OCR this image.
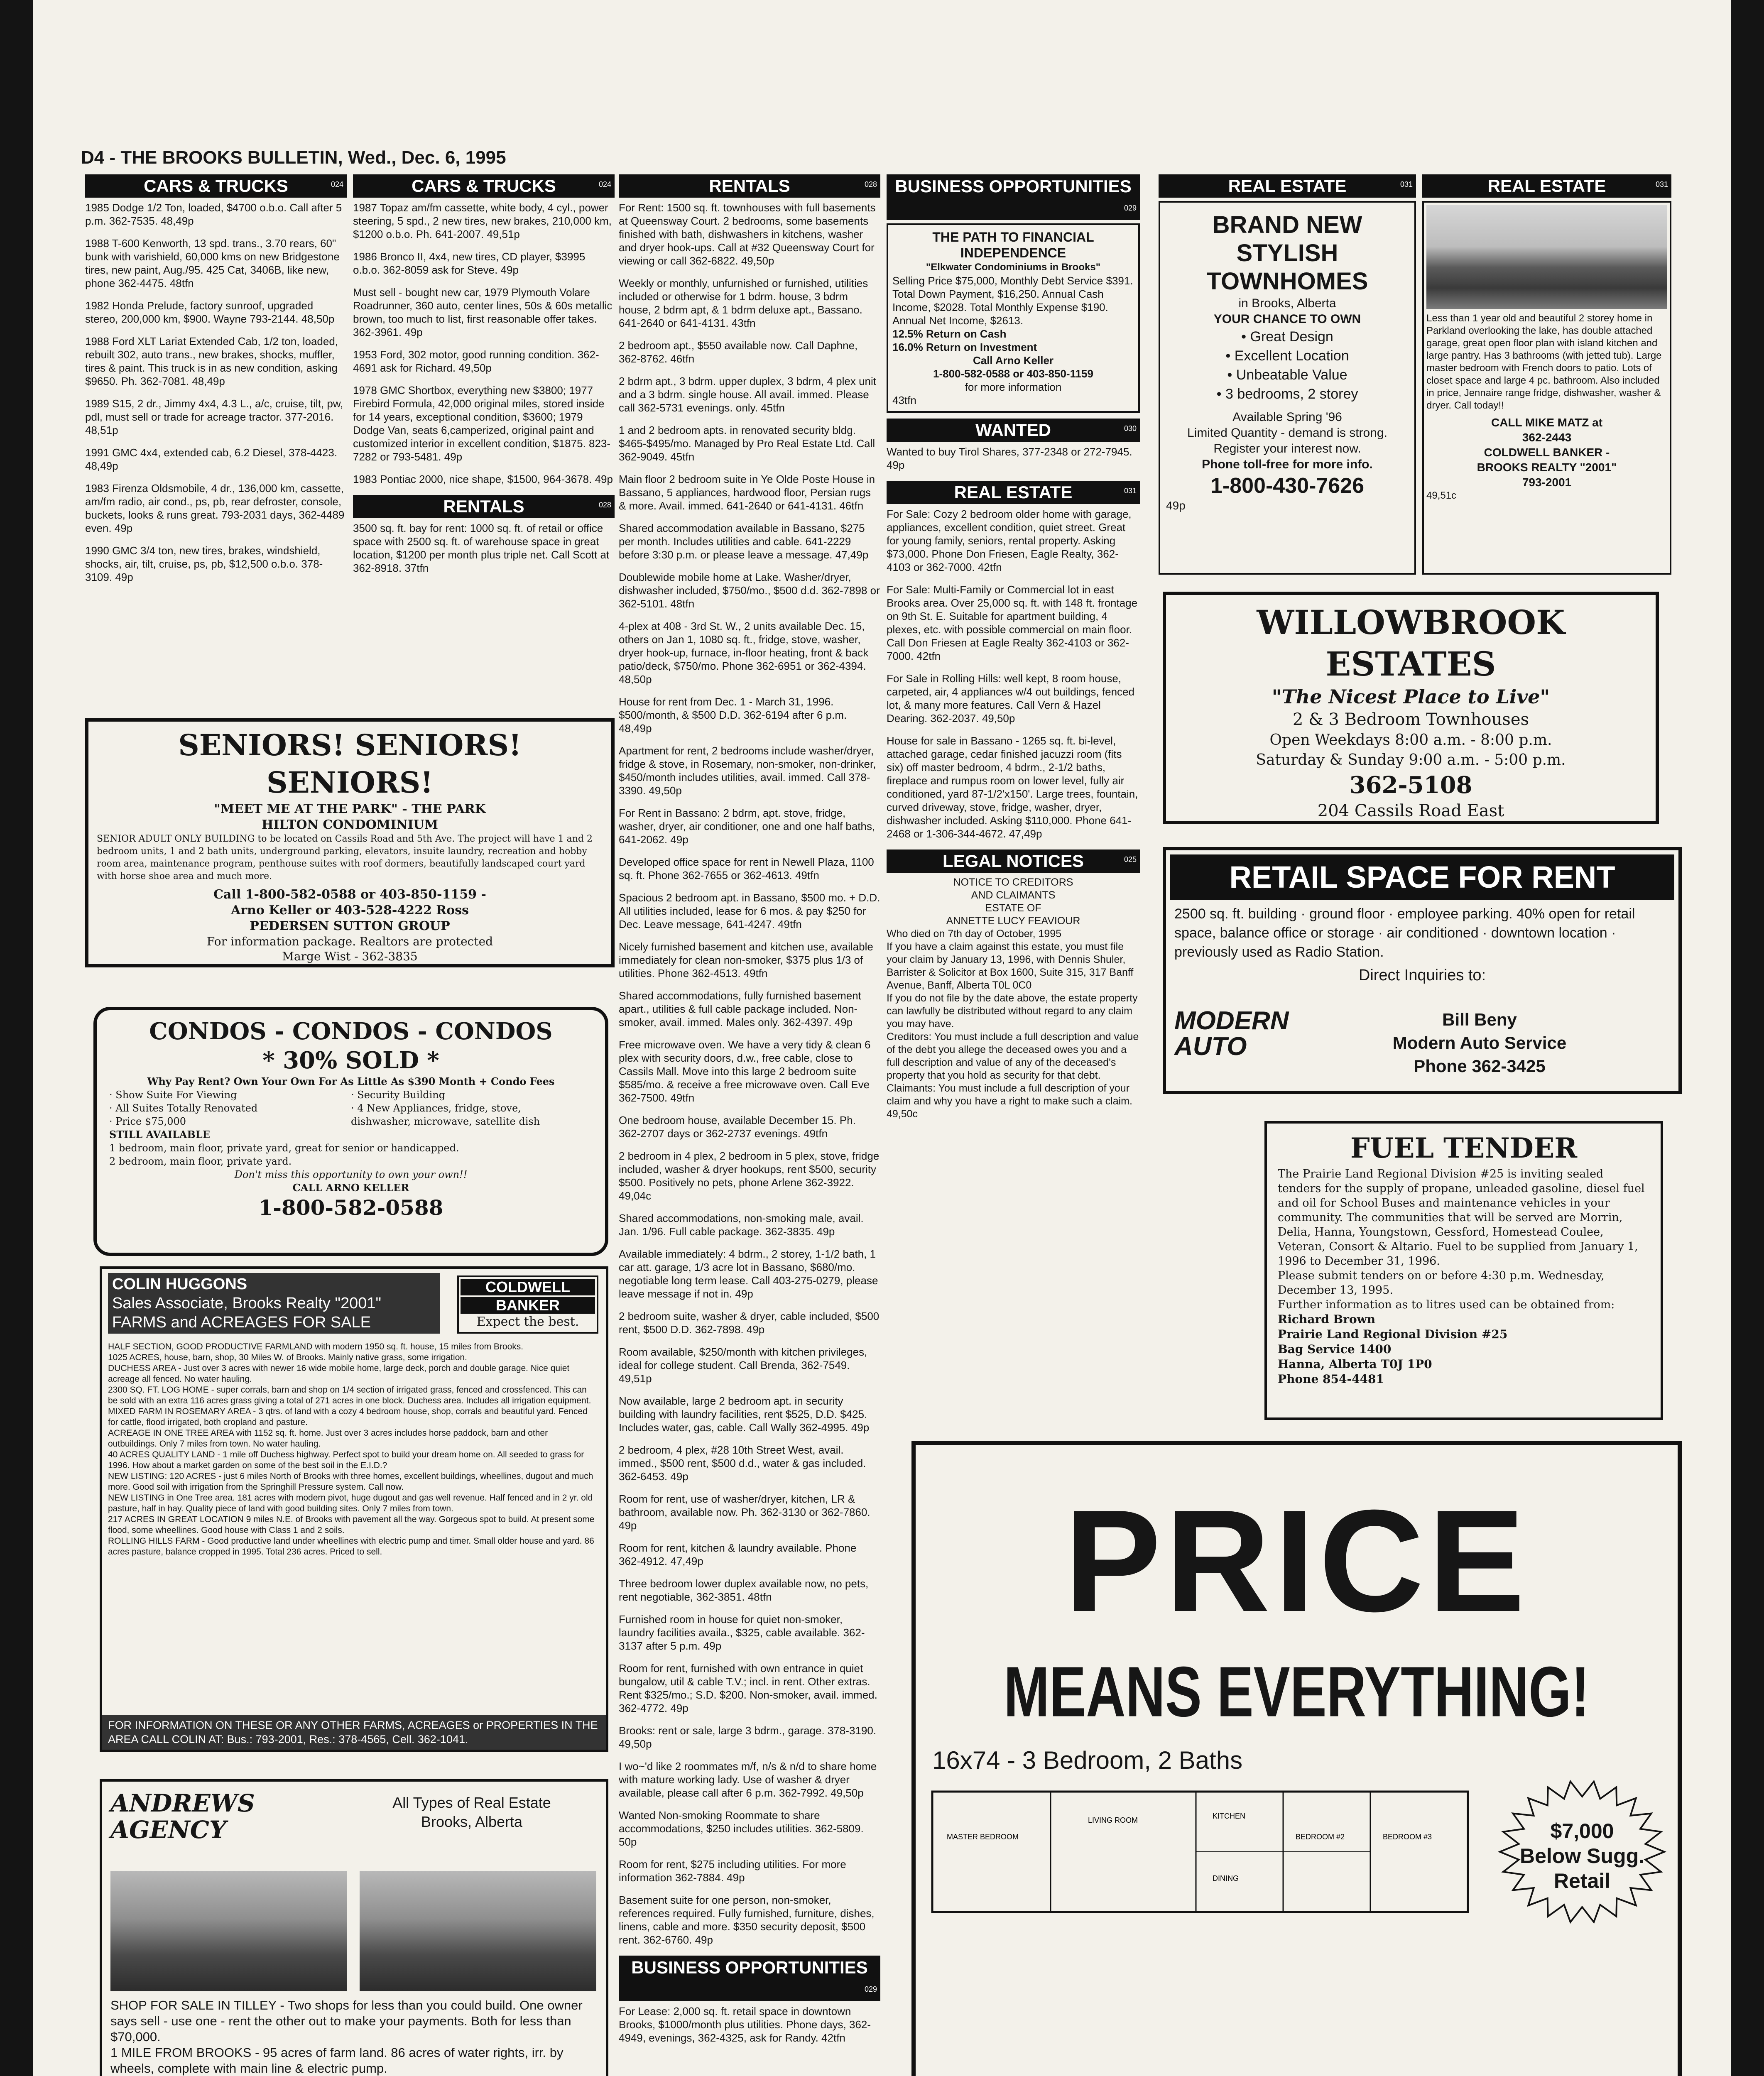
D4 - THE BROOKS BULLETIN, Wed., Dec. 6, 1995
CARS & TRUCKS	024
1985 Dodge 1/2 Ton, loaded, $4700 o.b.o. Call after 5 p.m. 362-7535. 48,49p
1988 T-600 Kenworth, 13 spd. trans., 3.70 rears, 60" bunk with varishield, 60,000 kms on new Bridgestone tires, new paint, Aug./95. 425 Cat, 3406B, like new, phone 362-4475. 48tfn
1982 Honda Prelude, factory sunroof, upgraded stereo, 200,000 km, $900. Wayne 793-2144. 48,50p
1988 Ford XLT Lariat Extended Cab, 1/2 ton, loaded, rebuilt 302, auto trans., new brakes, shocks, muffler, tires & paint. This truck is in as new condition, asking $9650. Ph. 362-7081. 48,49p
1989 S15, 2 dr., Jimmy 4x4, 4.3 L., a/c, cruise, tilt, pw, pdl, must sell or trade for acreage tractor. 377-2016. 48,51p
1991 GMC 4x4, extended cab, 6.2 Diesel, 378-4423. 48,49p
1983 Firenza Oldsmobile, 4 dr., 136,000 km, cassette, am/fm radio, air cond., ps, pb, rear defroster, console, buckets, looks & runs great. 793-2031 days, 362-4489 even. 49p
1990 GMC 3/4 ton, new tires, brakes, windshield, shocks, air, tilt, cruise, ps, pb, $12,500 o.b.o. 378-3109. 49p
CARS & TRUCKS	024
1987 Topaz am/fm cassette, white body, 4 cyl., power steering, 5 spd., 2 new tires, new brakes, 210,000 km, $1200 o.b.o. Ph. 641-2007. 49,51p
1986 Bronco II, 4x4, new tires, CD player, $3995 o.b.o. 362-8059 ask for Steve. 49p
Must sell - bought new car, 1979 Plymouth Volare Roadrunner, 360 auto, center lines, 50s & 60s metallic brown, too much to list, first reasonable offer takes. 362-3961. 49p
1953 Ford, 302 motor, good running condition. 362-4691 ask for Richard. 49,50p
1978 GMC Shortbox, everything new $3800; 1977 Firebird Formula, 42,000 original miles, stored inside for 14 years, exceptional condition, $3600; 1979 Dodge Van, seats 6,camperized, original paint and customized interior in excellent condition, $1875. 823-7282 or 793-5481. 49p
1983 Pontiac 2000, nice shape, $1500, 964-3678. 49p
RENTALS	028
3500 sq. ft. bay for rent: 1000 sq. ft. of retail or office space with 2500 sq. ft. of warehouse space in great location, $1200 per month plus triple net. Call Scott at 362-8918. 37tfn
RENTALS	028
For Rent: 1500 sq. ft. townhouses with full basements at Queensway Court. 2 bedrooms, some basements finished with bath, dishwashers in kitchens, washer and dryer hook-ups. Call at #32 Queensway Court for viewing or call 362-6822. 49,50p
Weekly or monthly, unfurnished or furnished, utilities included or otherwise for 1 bdrm. house, 3 bdrm house, 2 bdrm apt, & 1 bdrm deluxe apt., Bassano. 641-2640 or 641-4131. 43tfn
2 bedroom apt., $550 available now. Call Daphne, 362-8762. 46tfn
2 bdrm apt., 3 bdrm. upper duplex, 3 bdrm, 4 plex unit and a 3 bdrm. single house. All avail. immed. Please call 362-5731 evenings. only. 45tfn
1 and 2 bedroom apts. in renovated security bldg. $465-$495/mo. Managed by Pro Real Estate Ltd. Call 362-9049. 45tfn
Main floor 2 bedroom suite in Ye Olde Poste House in Bassano, 5 appliances, hardwood floor, Persian rugs & more. Avail. immed. 641-2640 or 641-4131. 46tfn
Shared accommodation available in Bassano, $275 per month. Includes utilities and cable. 641-2229 before 3:30 p.m. or please leave a message. 47,49p
Doublewide mobile home at Lake. Washer/dryer, dishwasher included, $750/mo., $500 d.d. 362-7898 or 362-5101. 48tfn
4-plex at 408 - 3rd St. W., 2 units available Dec. 15, others on Jan 1, 1080 sq. ft., fridge, stove, washer, dryer hook-up, furnace, in-floor heating, front & back patio/deck, $750/mo. Phone 362-6951 or 362-4394. 48,50p
House for rent from Dec. 1 - March 31, 1996. $500/month, & $500 D.D. 362-6194 after 6 p.m. 48,49p
Apartment for rent, 2 bedrooms include washer/dryer, fridge & stove, in Rosemary, non-smoker, non-drinker, $450/month includes utilities, avail. immed. Call 378-3390. 49,50p
For Rent in Bassano: 2 bdrm, apt. stove, fridge, washer, dryer, air conditioner, one and one half baths, 641-2062. 49p
Developed office space for rent in Newell Plaza, 1100 sq. ft. Phone 362-7655 or 362-4613. 49tfn
Spacious 2 bedroom apt. in Bassano, $500 mo. + D.D. All utilities included, lease for 6 mos. & pay $250 for Dec. Leave message, 641-4247. 49tfn
Nicely furnished basement and kitchen use, available immediately for clean non-smoker, $375 plus 1/3 of utilities. Phone 362-4513. 49tfn
Shared accommodations, fully furnished basement apart., utilities & full cable package included. Non-smoker, avail. immed. Males only. 362-4397. 49p
Free microwave oven. We have a very tidy & clean 6 plex with security doors, d.w., free cable, close to Cassils Mall. Move into this large 2 bedroom suite $585/mo. & receive a free microwave oven. Call Eve 362-7500. 49tfn
One bedroom house, available December 15. Ph. 362-2707 days or 362-2737 evenings. 49tfn
2 bedroom in 4 plex, 2 bedroom in 5 plex, stove, fridge included, washer & dryer hookups, rent $500, security $500. Positively no pets, phone Arlene 362-3922. 49,04c
Shared accommodations, non-smoking male, avail. Jan. 1/96. Full cable package. 362-3835. 49p
Available immediately: 4 bdrm., 2 storey, 1-1/2 bath, 1 car att. garage, 1/3 acre lot in Bassano, $680/mo. negotiable long term lease. Call 403-275-0279, please leave message if not in. 49p
2 bedroom suite, washer & dryer, cable included, $500 rent, $500 D.D. 362-7898. 49p
Room available, $250/month with kitchen privileges, ideal for college student. Call Brenda, 362-7549. 49,51p
Now available, large 2 bedroom apt. in security building with laundry facilities, rent $525, D.D. $425. Includes water, gas, cable. Call Wally 362-4995. 49p
2 bedroom, 4 plex, #28 10th Street West, avail. immed., $500 rent, $500 d.d., water & gas included. 362-6453. 49p
Room for rent, use of washer/dryer, kitchen, LR & bathroom, available now. Ph. 362-3130 or 362-7860. 49p
Room for rent, kitchen & laundry available. Phone 362-4912. 47,49p
Three bedroom lower duplex available now, no pets, rent negotiable, 362-3851. 48tfn
Furnished room in house for quiet non-smoker, laundry facilities availa., $325, cable available. 362-3137 after 5 p.m. 49p
Room for rent, furnished with own entrance in quiet bungalow, util & cable T.V.; incl. in rent. Other extras. Rent $325/mo.; S.D. $200. Non-smoker, avail. immed. 362-4772. 49p
Brooks: rent or sale, large 3 bdrm., garage. 378-3190. 49,50p
I wo~'d like 2 roommates m/f, n/s & n/d to share home with mature working lady. Use of washer & dryer available, please call after 6 p.m. 362-7992. 49,50p
Wanted Non-smoking Roommate to share accommodations, $250 includes utilities. 362-5809. 50p
Room for rent, $275 including utilities. For more information 362-7884. 49p
Basement suite for one person, non-smoker, references required. Fully furnished, furniture, dishes, linens, cable and more. $350 security deposit, $500 rent. 362-6760. 49p
BUSINESS OPPORTUNITIES
029
For Lease: 2,000 sq. ft. retail space in downtown Brooks, $1000/month plus utilities. Phone days, 362-4949, evenings, 362-4325, ask for Randy. 42tfn
BUSINESS OPPORTUNITIES
029
THE PATH TO FINANCIAL INDEPENDENCE
"Elkwater Condominiums in Brooks"
Selling Price $75,000, Monthly Debt Service $391. Total Down Payment, $16,250. Annual Cash Income, $2028. Total Monthly Expense $190. Annual Net Income, $2613.
12.5% Return on Cash
16.0% Return on Investment
Call Arno Keller
1-800-582-0588 or 403-850-1159
for more information
43tfn
WANTED	030
Wanted to buy Tirol Shares, 377-2348 or 272-7945. 49p
REAL ESTATE	031
For Sale: Cozy 2 bedroom older home with garage, appliances, excellent condition, quiet street. Great for young family, seniors, rental property. Asking $73,000. Phone Don Friesen, Eagle Realty, 362-4103 or 362-7000. 42tfn
For Sale: Multi-Family or Commercial lot in east Brooks area. Over 25,000 sq. ft. with 148 ft. frontage on 9th St. E. Suitable for apartment building, 4 plexes, etc. with possible commercial on main floor. Call Don Friesen at Eagle Realty 362-4103 or 362-7000. 42tfn
For Sale in Rolling Hills: well kept, 8 room house, carpeted, air, 4 appliances w/4 out buildings, fenced lot, & many more features. Call Vern & Hazel Dearing. 362-2037. 49,50p
House for sale in Bassano - 1265 sq. ft. bi-level, attached garage, cedar finished jacuzzi room (fits six) off master bedroom, 4 bdrm., 2-1/2 baths, fireplace and rumpus room on lower level, fully air conditioned, yard 87-1/2'x150'. Large trees, fountain, curved driveway, stove, fridge, washer, dryer, dishwasher included. Asking $110,000. Phone 641-2468 or 1-306-344-4672. 47,49p
LEGAL NOTICES	025
NOTICE TO CREDITORS
AND CLAIMANTS
ESTATE OF
ANNETTE LUCY FEAVIOUR
Who died on 7th day of October, 1995
If you have a claim against this estate, you must file your claim by January 13, 1996, with Dennis Shuler, Barrister & Solicitor at Box 1600, Suite 315, 317 Banff Avenue, Banff, Alberta T0L 0C0
If you do not file by the date above, the estate property can lawfully be distributed without regard to any claim you may have.
Creditors: You must include a full description and value of the debt you allege the deceased owes you and a full description and value of any of the deceased's property that you hold as security for that debt.
Claimants: You must include a full description of your claim and why you have a right to make such a claim. 49,50c
REAL ESTATE	031
BRAND NEW
STYLISH
TOWNHOMES
in Brooks, Alberta
YOUR CHANCE TO OWN
• Great Design
• Excellent Location
• Unbeatable Value
• 3 bedrooms, 2 storey
Available Spring '96
Limited Quantity - demand is strong.
Register your interest now.
Phone toll-free for more info.
1-800-430-7626
49p
REAL ESTATE	031
Less than 1 year old and beautiful 2 storey home in Parkland overlooking the lake, has double attached garage, great open floor plan with island kitchen and large pantry. Has 3 bathrooms (with jetted tub). Large master bedroom with French doors to patio. Lots of closet space and large 4 pc. bathroom. Also included in price, Jennaire range fridge, dishwasher, washer & dryer. Call today!!
CALL MIKE MATZ at
362-2443
COLDWELL BANKER -
BROOKS REALTY "2001"
793-2001
49,51c
WILLOWBROOK ESTATES
"The Nicest Place to Live"
2 & 3 Bedroom Townhouses
Open Weekdays 8:00 a.m. - 8:00 p.m.
Saturday & Sunday 9:00 a.m. - 5:00 p.m.
362-5108
204 Cassils Road East
RETAIL SPACE FOR RENT
2500 sq. ft. building · ground floor · employee parking. 40% open for retail space, balance office or storage · air conditioned · downtown location · previously used as Radio Station.
Direct Inquiries to:
MODERN
AUTO
Bill Beny
Modern Auto Service
Phone 362-3425
FUEL TENDER
The Prairie Land Regional Division #25 is inviting sealed tenders for the supply of propane, unleaded gasoline, diesel fuel and oil for School Buses and maintenance vehicles in your community. The communities that will be served are Morrin, Delia, Hanna, Youngstown, Gessford, Homestead Coulee, Veteran, Consort & Altario. Fuel to be supplied from January 1, 1996 to December 31, 1996.
Please submit tenders on or before 4:30 p.m. Wednesday, December 13, 1995.
Further information as to litres used can be obtained from:
Richard Brown
Prairie Land Regional Division #25
Bag Service 1400
Hanna, Alberta T0J 1P0
Phone 854-4481
SENIORS! SENIORS! SENIORS!
"MEET ME AT THE PARK" - THE PARK
HILTON CONDOMINIUM
SENIOR ADULT ONLY BUILDING to be located on Cassils Road and 5th Ave. The project will have 1 and 2 bedroom units, 1 and 2 bath units, underground parking, elevators, insuite laundry, recreation and hobby room area, maintenance program, penthouse suites with roof dormers, beautifully landscaped court yard with horse shoe area and much more.
Call 1-800-582-0588 or 403-850-1159 -
Arno Keller or 403-528-4222 Ross
PEDERSEN SUTTON GROUP
For information package. Realtors are protected
Marge Wist - 362-3835
CONDOS - CONDOS - CONDOS
* 30% SOLD *
Why Pay Rent? Own Your Own For As Little As $390 Month + Condo Fees
· Show Suite For Viewing
· All Suites Totally Renovated
· Price $75,000
· Security Building
· 4 New Appliances, fridge, stove,
dishwasher, microwave, satellite dish
STILL AVAILABLE
1 bedroom, main floor, private yard, great for senior or handicapped.
2 bedroom, main floor, private yard.
Don't miss this opportunity to own your own!!
CALL ARNO KELLER
1-800-582-0588
COLIN HUGGONS
Sales Associate, Brooks Realty "2001"
FARMS and ACREAGES FOR SALE
COLDWELL
BANKER
Expect the best.
HALF SECTION, GOOD PRODUCTIVE FARMLAND with modern 1950 sq. ft. house, 15 miles from Brooks.
1025 ACRES, house, barn, shop, 30 Miles W. of Brooks. Mainly native grass, some irrigation.
DUCHESS AREA - Just over 3 acres with newer 16 wide mobile home, large deck, porch and double garage. Nice quiet acreage all fenced. No water hauling.
2300 SQ. FT. LOG HOME - super corrals, barn and shop on 1/4 section of irrigated grass, fenced and crossfenced. This can be sold with an extra 116 acres grass giving a total of 271 acres in one block. Duchess area. Includes all irrigation equipment.
MIXED FARM IN ROSEMARY AREA - 3 qtrs. of land with a cozy 4 bedroom house, shop, corrals and beautiful yard. Fenced for cattle, flood irrigated, both cropland and pasture.
ACREAGE IN ONE TREE AREA with 1152 sq. ft. home. Just over 3 acres includes horse paddock, barn and other outbuildings. Only 7 miles from town. No water hauling.
40 ACRES QUALITY LAND - 1 mile off Duchess highway. Perfect spot to build your dream home on. All seeded to grass for 1996. How about a market garden on some of the best soil in the E.I.D.?
NEW LISTING: 120 ACRES - just 6 miles North of Brooks with three homes, excellent buildings, wheellines, dugout and much more. Good soil with irrigation from the Springhill Pressure system. Call now.
NEW LISTING in One Tree area. 181 acres with modern pivot, huge dugout and gas well revenue. Half fenced and in 2 yr. old pasture, half in hay. Quality piece of land with good building sites. Only 7 miles from town.
217 ACRES IN GREAT LOCATION 9 miles N.E. of Brooks with pavement all the way. Gorgeous spot to build. At present some flood, some wheellines. Good house with Class 1 and 2 soils.
ROLLING HILLS FARM - Good productive land under wheellines with electric pump and timer. Small older house and yard. 86 acres pasture, balance cropped in 1995. Total 236 acres. Priced to sell.
FOR INFORMATION ON THESE OR ANY OTHER FARMS, ACREAGES or PROPERTIES IN THE AREA CALL COLIN AT: Bus.: 793-2001, Res.: 378-4565, Cell. 362-1041.
ANDREWS
AGENCY
All Types of Real Estate
Brooks, Alberta
SHOP FOR SALE IN TILLEY - Two shops for less than you could build. One owner says sell - use one - rent the other out to make your payments. Both for less than $70,000.
1 MILE FROM BROOKS - 95 acres of farm land. 86 acres of water rights, irr. by wheels, complete with main line & electric pump.

PRICE
MEANS EVERYTHING!
16x74 - 3 Bedroom, 2 Baths
MASTER BEDROOM
LIVING ROOM	KITCHEN
DINING
BEDROOM #2	BEDROOM #3	$7,000
Below Sugg.
Retail
